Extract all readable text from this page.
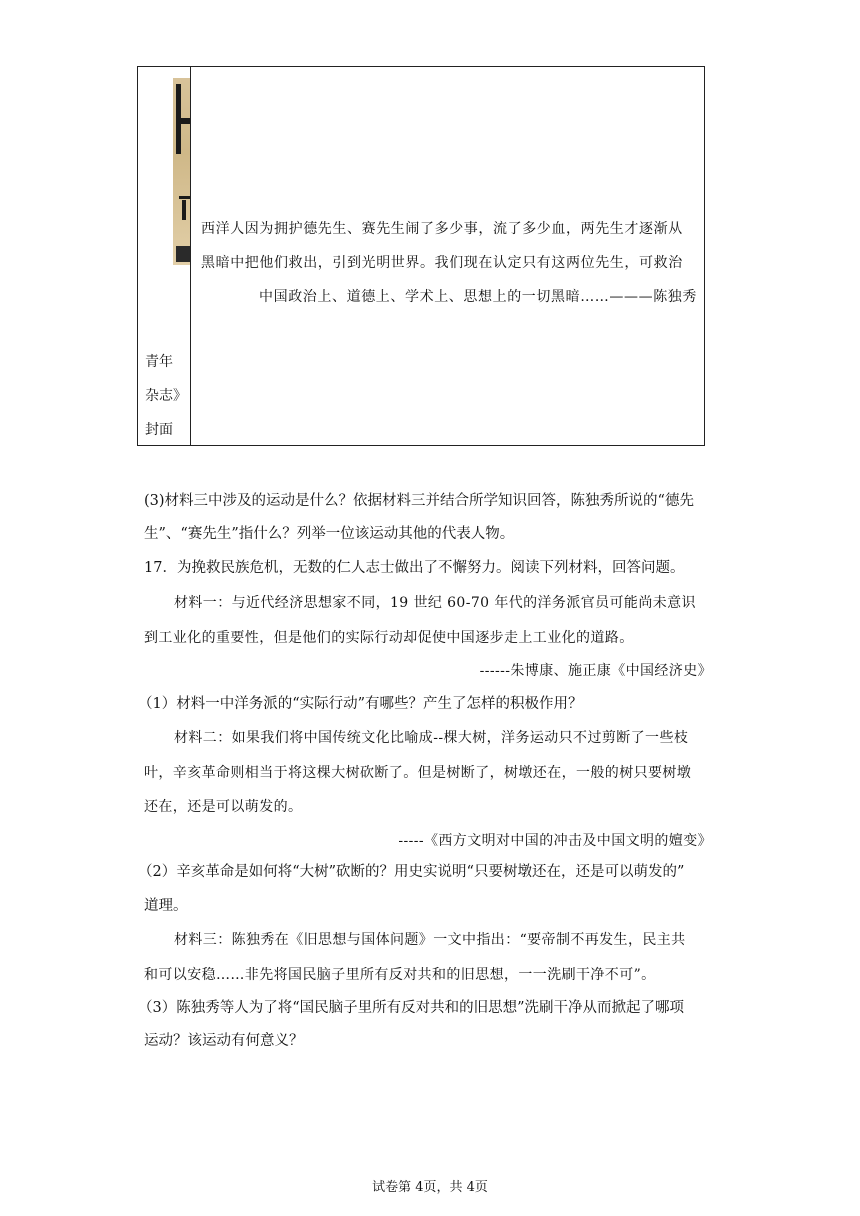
青年
杂志》
封面
西洋人因为拥护德先生、赛先生闹了多少事，流了多少血，两先生才逐渐从
黑暗中把他们救出，引到光明世界。我们现在认定只有这两位先生，可救治
中国政治上、道德上、学术上、思想上的一切黑暗……———陈独秀
(3)材料三中涉及的运动是什么？依据材料三并结合所学知识回答，陈独秀所说的“德先
生”、“赛先生”指什么？列举一位该运动其他的代表人物。
17．为挽救民族危机，无数的仁人志士做出了不懈努力。阅读下列材料，回答问题。
材料一：与近代经济思想家不同，19 世纪 60-70 年代的洋务派官员可能尚未意识
到工业化的重要性，但是他们的实际行动却促使中国逐步走上工业化的道路。
------朱博康、施正康《中国经济史》
（1）材料一中洋务派的“实际行动”有哪些？产生了怎样的积极作用？
材料二：如果我们将中国传统文化比喻成--棵大树，洋务运动只不过剪断了一些枝
叶，辛亥革命则相当于将这棵大树砍断了。但是树断了，树墩还在，一般的树只要树墩
还在，还是可以萌发的。
-----《西方文明对中国的冲击及中国文明的嬗变》
（2）辛亥革命是如何将“大树”砍断的？用史实说明“只要树墩还在，还是可以萌发的”
道理。
材料三：陈独秀在《旧思想与国体问题》一文中指出：“要帝制不再发生，民主共
和可以安稳……非先将国民脑子里所有反对共和的旧思想，一一洗刷干净不可”。
（3）陈独秀等人为了将“国民脑子里所有反对共和的旧思想”洗刷干净从而掀起了哪项
运动？该运动有何意义？
试卷第 4页，共 4页
